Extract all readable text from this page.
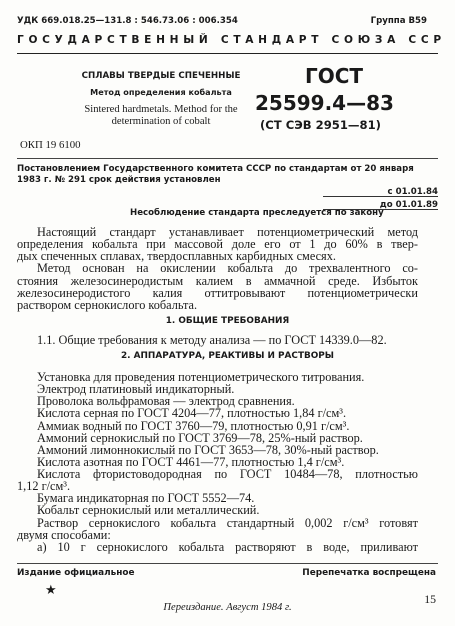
УДК 669.018.25—131.8 : 546.73.06 : 006.354	Группа В59
ГОСУДАРСТВЕННЫЙ СТАНДАРТ СОЮЗА ССР
СПЛАВЫ ТВЕРДЫЕ СПЕЧЕННЫЕ
Метод определения кобальта
Sintered hardmetals. Method for the
determination of cobalt
ГОСТ
25599.4—83
(СТ СЭВ 2951—81)
ОКП 19 6100
Постановлением Государственного комитета СССР по стандартам от 20 января
1983 г. № 291 срок действия установлен
с 01.01.84
до 01.01.89
Несоблюдение стандарта преследуется по закону
Настоящий стандарт устанавливает потенциометрический метод
определения кобальта при массовой доле его от 1 до 60% в твер-
дых спеченных сплавах, твердосплавных карбидных смесях.
Метод основан на окислении кобальта до трехвалентного со-
стояния железосинеродистым калием в аммачной среде. Избыток
железосинеродистого калия оттитровывают потенциометрически
раствором сернокислого кобальта.
1. ОБЩИЕ ТРЕБОВАНИЯ
1.1. Общие требования к методу анализа — по ГОСТ 14339.0—82.
2. АППАРАТУРА, РЕАКТИВЫ И РАСТВОРЫ
Установка для проведения потенциометрического титрования.
Электрод платиновый индикаторный.
Проволока вольфрамовая — электрод сравнения.
Кислота серная по ГОСТ 4204—77, плотностью 1,84 г/см³.
Аммиак водный по ГОСТ 3760—79, плотностью 0,91 г/см³.
Аммоний сернокислый по ГОСТ 3769—78, 25%-ный раствор.
Аммоний лимоннокислый по ГОСТ 3653—78, 30%-ный раствор.
Кислота азотная по ГОСТ 4461—77, плотностью 1,4 г/см³.
Кислота фтористоводородная по ГОСТ 10484—78, плотностью
1,12 г/см³.
Бумага индикаторная по ГОСТ 5552—74.
Кобальт сернокислый или металлический.
Раствор сернокислого кобальта стандартный 0,002 г/см³ готовят
двумя способами:
а) 10 г сернокислого кобальта растворяют в воде, приливают
Издание официальное	Перепечатка воспрещена
★
Переиздание. Август 1984 г.
15
